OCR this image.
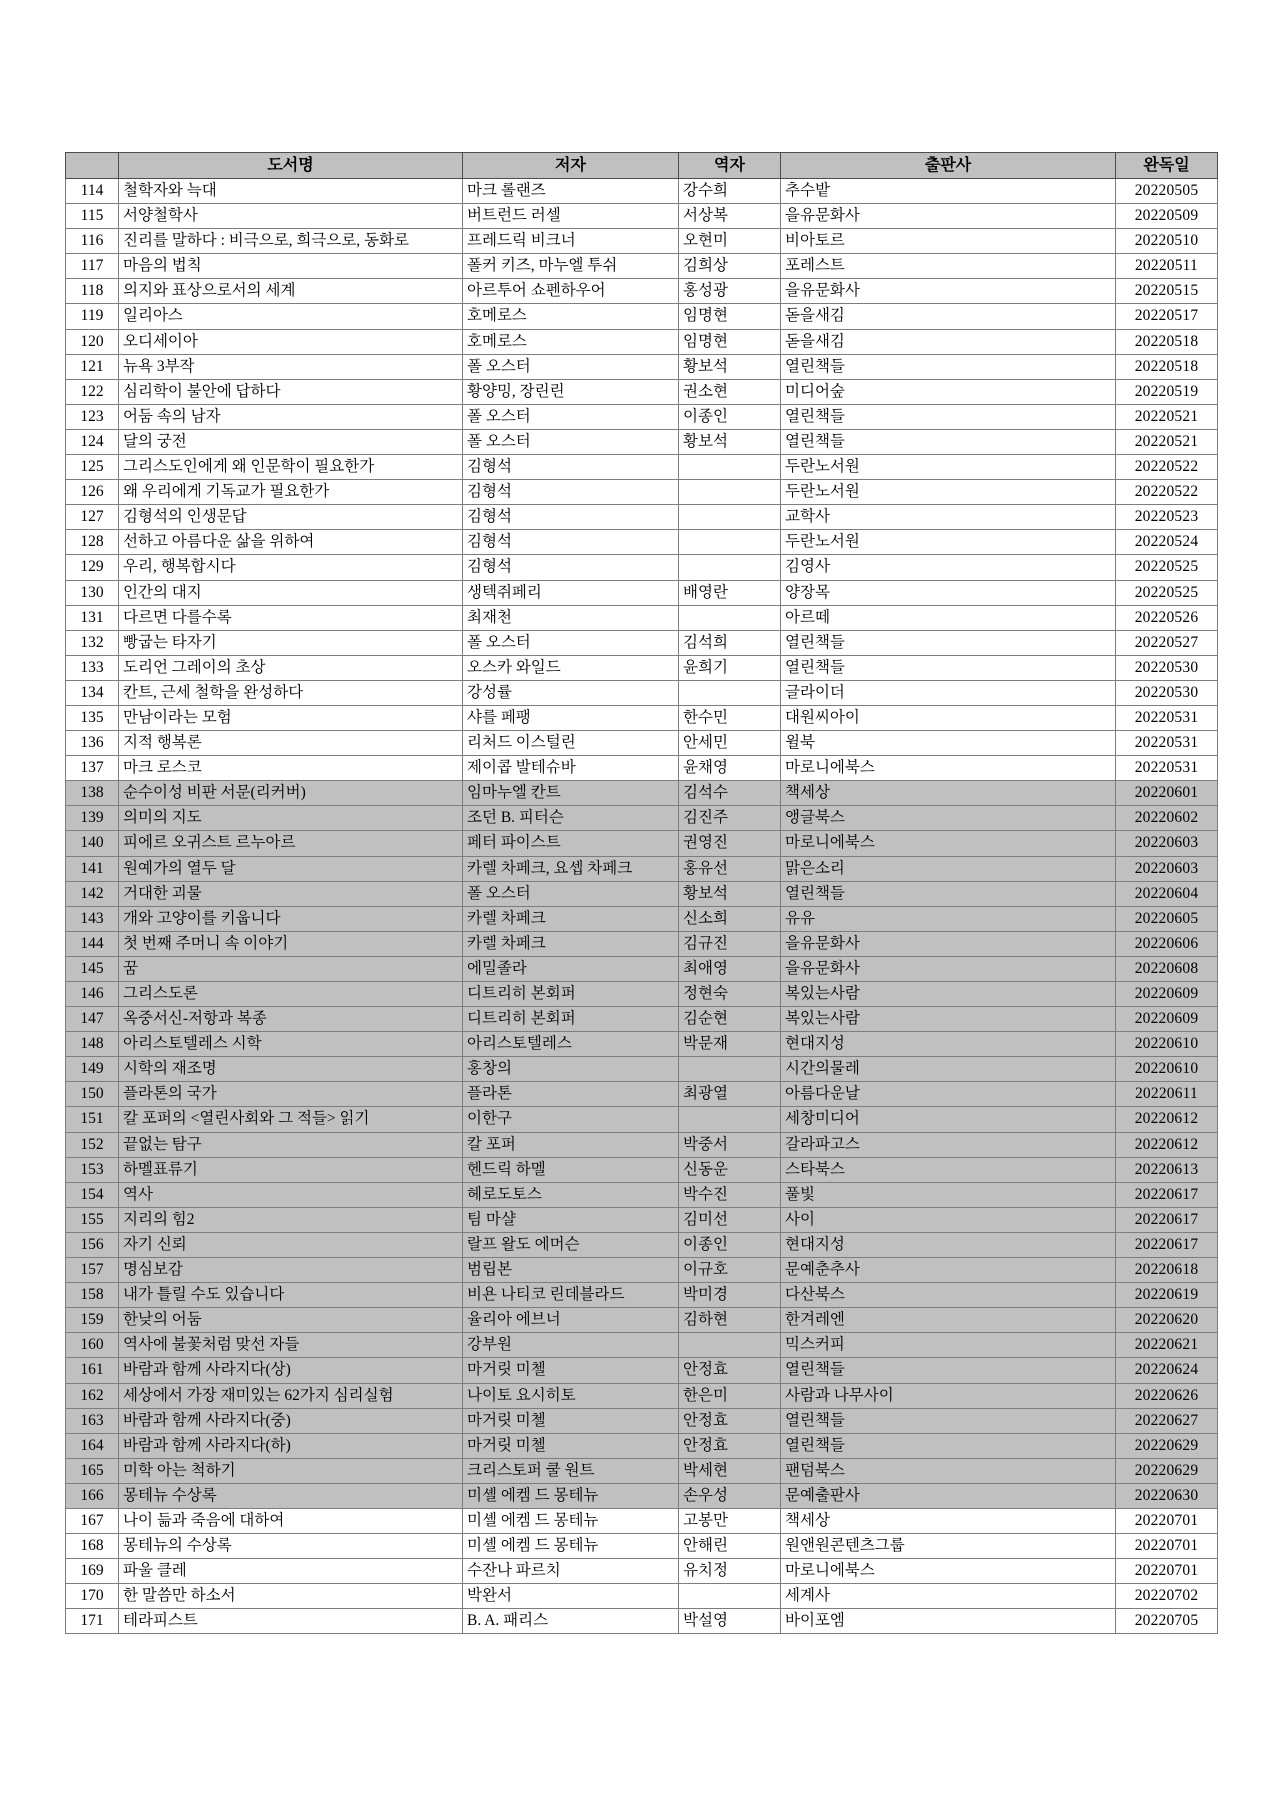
	도서명	저자	역자	출판사	완독일
114	철학자와 늑대	마크 롤랜즈	강수희	추수밭	20220505
115	서양철학사	버트런드 러셀	서상복	을유문화사	20220509
116	진리를 말하다 : 비극으로, 희극으로, 동화로	프레드릭 비크너	오현미	비아토르	20220510
117	마음의 법칙	폴커 키즈, 마누엘 투쉬	김희상	포레스트	20220511
118	의지와 표상으로서의 세계	아르투어 쇼펜하우어	홍성광	을유문화사	20220515
119	일리아스	호메로스	임명현	돋을새김	20220517
120	오디세이아	호메로스	임명현	돋을새김	20220518
121	뉴욕 3부작	폴 오스터	황보석	열린책들	20220518
122	심리학이 불안에 답하다	황양밍, 장린린	권소현	미디어숲	20220519
123	어둠 속의 남자	폴 오스터	이종인	열린책들	20220521
124	달의 궁전	폴 오스터	황보석	열린책들	20220521
125	그리스도인에게 왜 인문학이 필요한가	김형석		두란노서원	20220522
126	왜 우리에게 기독교가 필요한가	김형석		두란노서원	20220522
127	김형석의 인생문답	김형석		교학사	20220523
128	선하고 아름다운 삶을 위하여	김형석		두란노서원	20220524
129	우리, 행복합시다	김형석		김영사	20220525
130	인간의 대지	생텍쥐페리	배영란	양장목	20220525
131	다르면 다를수록	최재천		아르떼	20220526
132	빵굽는 타자기	폴 오스터	김석희	열린책들	20220527
133	도리언 그레이의 초상	오스카 와일드	윤희기	열린책들	20220530
134	칸트, 근세 철학을 완성하다	강성률		글라이더	20220530
135	만남이라는 모험	샤를 페팽	한수민	대원씨아이	20220531
136	지적 행복론	리처드 이스털린	안세민	윌북	20220531
137	마크 로스코	제이콥 발테슈바	윤채영	마로니에북스	20220531
138	순수이성 비판 서문(리커버)	임마누엘 칸트	김석수	책세상	20220601
139	의미의 지도	조던 B. 피터슨	김진주	앵글북스	20220602
140	피에르 오귀스트 르누아르	페터 파이스트	권영진	마로니에북스	20220603
141	원예가의 열두 달	카렐 차페크, 요셉 차페크	홍유선	맑은소리	20220603
142	거대한 괴물	폴 오스터	황보석	열린책들	20220604
143	개와 고양이를 키웁니다	카렐 차페크	신소희	유유	20220605
144	첫 번째 주머니 속 이야기	카렐 차페크	김규진	을유문화사	20220606
145	꿈	에밀졸라	최애영	을유문화사	20220608
146	그리스도론	디트리히 본회퍼	정현숙	복있는사람	20220609
147	옥중서신-저항과 복종	디트리히 본회퍼	김순현	복있는사람	20220609
148	아리스토텔레스 시학	아리스토텔레스	박문재	현대지성	20220610
149	시학의 재조명	홍창의		시간의물레	20220610
150	플라톤의 국가	플라톤	최광열	아름다운날	20220611
151	칼 포퍼의 <열린사회와 그 적들> 읽기	이한구		세창미디어	20220612
152	끝없는 탐구	칼 포퍼	박중서	갈라파고스	20220612
153	하멜표류기	헨드릭 하멜	신동운	스타북스	20220613
154	역사	헤로도토스	박수진	풀빛	20220617
155	지리의 힘2	팀 마샬	김미선	사이	20220617
156	자기 신뢰	랄프 왈도 에머슨	이종인	현대지성	20220617
157	명심보감	범립본	이규호	문예춘추사	20220618
158	내가 틀릴 수도 있습니다	비욘 나티코 린데블라드	박미경	다산북스	20220619
159	한낮의 어둠	율리아 에브너	김하현	한겨레엔	20220620
160	역사에 불꽃처럼 맞선 자들	강부원		믹스커피	20220621
161	바람과 함께 사라지다(상)	마거릿 미첼	안정효	열린책들	20220624
162	세상에서 가장 재미있는 62가지 심리실험	나이토 요시히토	한은미	사람과 나무사이	20220626
163	바람과 함께 사라지다(중)	마거릿 미첼	안정효	열린책들	20220627
164	바람과 함께 사라지다(하)	마거릿 미첼	안정효	열린책들	20220629
165	미학 아는 척하기	크리스토퍼 쿨 원트	박세현	팬덤북스	20220629
166	몽테뉴 수상록	미셸 에켐 드 몽테뉴	손우성	문예출판사	20220630
167	나이 듦과 죽음에 대하여	미셸 에켐 드 몽테뉴	고봉만	책세상	20220701
168	몽테뉴의 수상록	미셸 에켐 드 몽테뉴	안해린	원앤원콘텐츠그룹	20220701
169	파울 클레	수잔나 파르치	유치정	마로니에북스	20220701
170	한 말씀만 하소서	박완서		세계사	20220702
171	테라피스트	B. A. 패리스	박설영	바이포엠	20220705
